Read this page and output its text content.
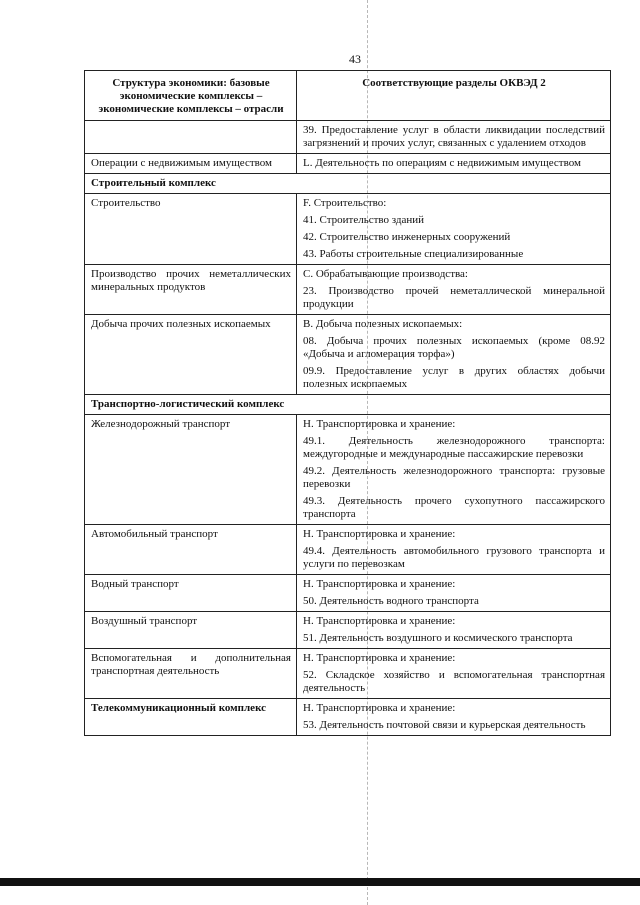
43
Структура экономики: базовые экономические комплексы – экономические комплексы – отрасли	Соответствующие разделы ОКВЭД 2

	39. Предоставление услуг в области ликвидации последствий загрязнений и прочих услуг, связанных с удалением отходов

Операции с недвижимым имуществом	L. Деятельность по операциям с недвижимым имуществом

Строительный комплекс	
Строительство	F. Строительство:

41. Строительство зданий

42. Строительство инженерных сооружений

43. Работы строительные специализированные

Производство прочих неметаллических минеральных продуктов	C. Обрабатывающие производства:

23. Производство прочей неметаллической минеральной продукции

Добыча прочих полезных ископаемых	B. Добыча полезных ископаемых:

08. Добыча прочих полезных ископаемых (кроме 08.92 «Добыча и агломерация торфа»)

09.9. Предоставление услуг в других областях добычи полезных ископаемых

Транспортно-логистический комплекс	
Железнодорожный транспорт	H. Транспортировка и хранение:

49.1. Деятельность железнодорожного транспорта: междугородные и международные пассажирские перевозки

49.2. Деятельность железнодорожного транспорта: грузовые перевозки

49.3. Деятельность прочего сухопутного пассажирского транспорта

Автомобильный транспорт	H. Транспортировка и хранение:

49.4. Деятельность автомобильного грузового транспорта и услуги по перевозкам

Водный транспорт	H. Транспортировка и хранение:

50. Деятельность водного транспорта

Воздушный транспорт	H. Транспортировка и хранение:

51. Деятельность воздушного и космического транспорта

Вспомогательная и дополнительная транспортная деятельность	H. Транспортировка и хранение:

52. Складское хозяйство и вспомогательная транспортная деятельность

Телекоммуникационный комплекс	H. Транспортировка и хранение:

53. Деятельность почтовой связи и курьерская деятельность
